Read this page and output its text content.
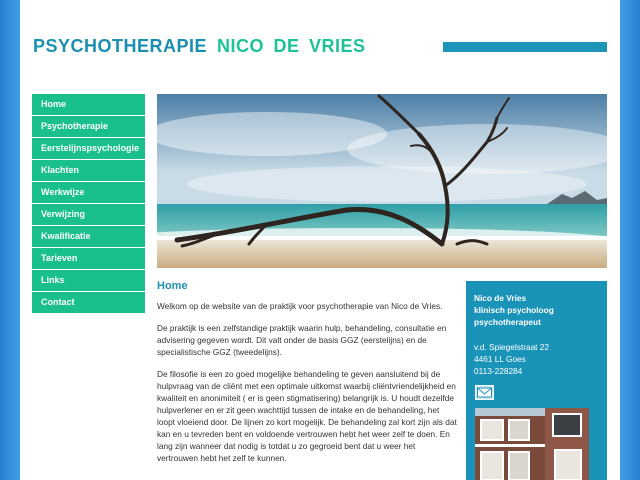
PSYCHOTHERAPIE NICO DE VRIES
Home
Psychotherapie
Eerstelijnspsychologie
Klachten
Werkwijze
Verwijzing
Kwalificatie
Tarieven
Links
Contact
Home

Welkom op de website van de praktijk voor psychotherapie van Nico de Vries.

De praktijk is een zelfstandige praktijk waarin hulp, behandeling, consultatie en advisering gegeven wordt. Dit valt onder de basis GGZ (eerstelijns) en de specialistische GGZ (tweedelijns).

De filosofie is een zo goed mogelijke behandeling te geven aansluitend bij de hulpvraag van de cliënt met een optimale uitkomst waarbij cliëntvriendelijkheid en kwaliteit en anonimiteit ( er is geen stigmatisering) belangrijk is. U houdt dezelfde hulpverlener en er zit geen wachttijd tussen de intake en de behandeling, het loopt vloeiend door. De lijnen zo kort mogelijk. De behandeling zal kort zijn als dat kan en u tevreden bent en voldoende vertrouwen hebt het weer zelf te doen. En lang zijn wanneer dat nodig is totdat u zo gegroeid bent dat u weer het vertrouwen hebt het zelf te kunnen.

Nico de Vries
klinisch psycholoog
psychotherapeut
v.d. Spiegelstraat 22
4461 LL Goes
0113-228284
